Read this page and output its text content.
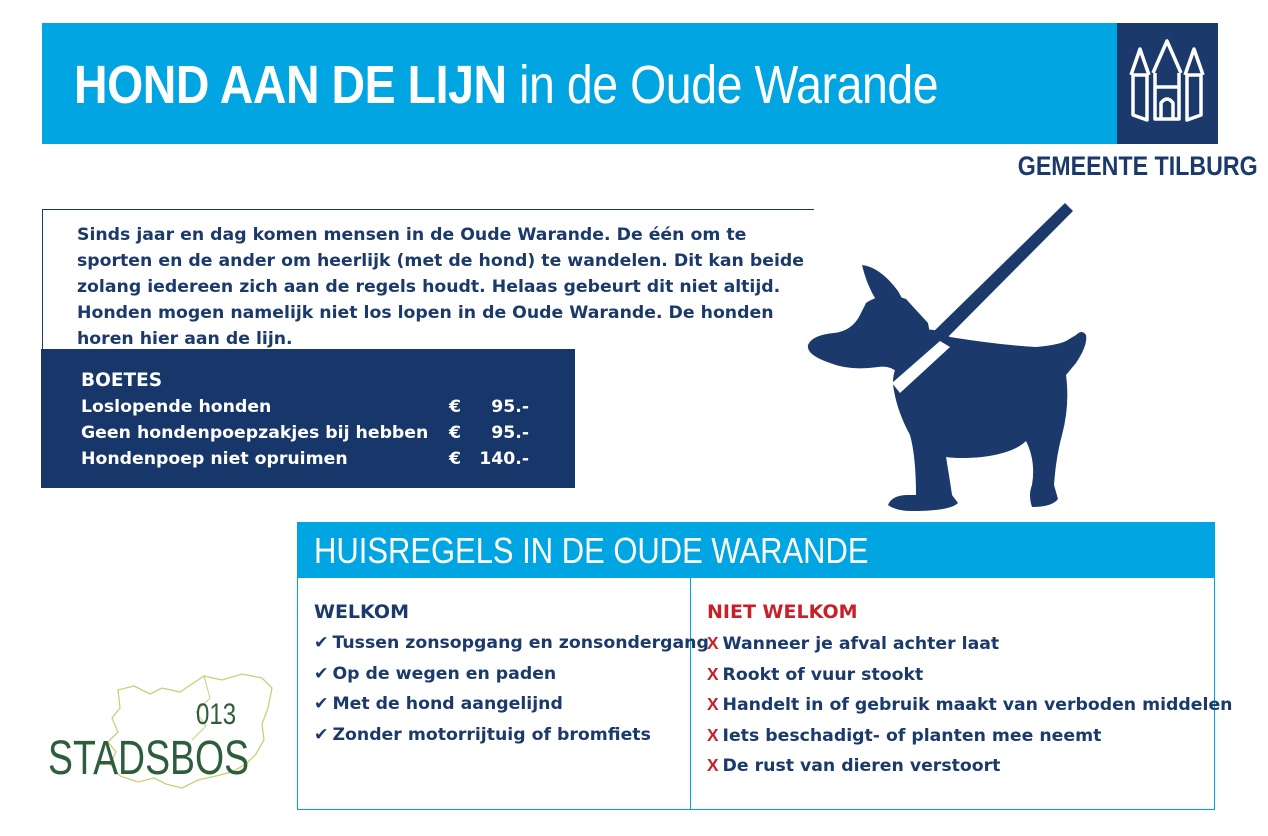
HOND AAN DE LIJN in de Oude Warande
GEMEENTE TILBURG
Sinds jaar en dag komen mensen in de Oude Warande. De één om te sporten en de ander om heerlijk (met de hond) te wandelen. Dit kan beide zolang iedereen zich aan de regels houdt. Helaas gebeurt dit niet altijd. Honden mogen namelijk niet los lopen in de Oude Warande. De honden horen hier aan de lijn.
BOETES
Loslopende honden	€ 95.-
Geen hondenpoepzakjes bij hebben € 95.-
Hondenpoep niet opruimen	€ 140.-
HUISREGELS IN DE OUDE WARANDE
WELKOM
✔ Tussen zonsopgang en zonsondergang
✔ Op de wegen en paden
✔ Met de hond aangelijnd
✔ Zonder motorrijtuig of bromfiets
NIET WELKOM
X Wanneer je afval achter laat
X Rookt of vuur stookt
X Handelt in of gebruik maakt van verboden middelen
X Iets beschadigt- of planten mee neemt
X De rust van dieren verstoort
013
STADSBOS
